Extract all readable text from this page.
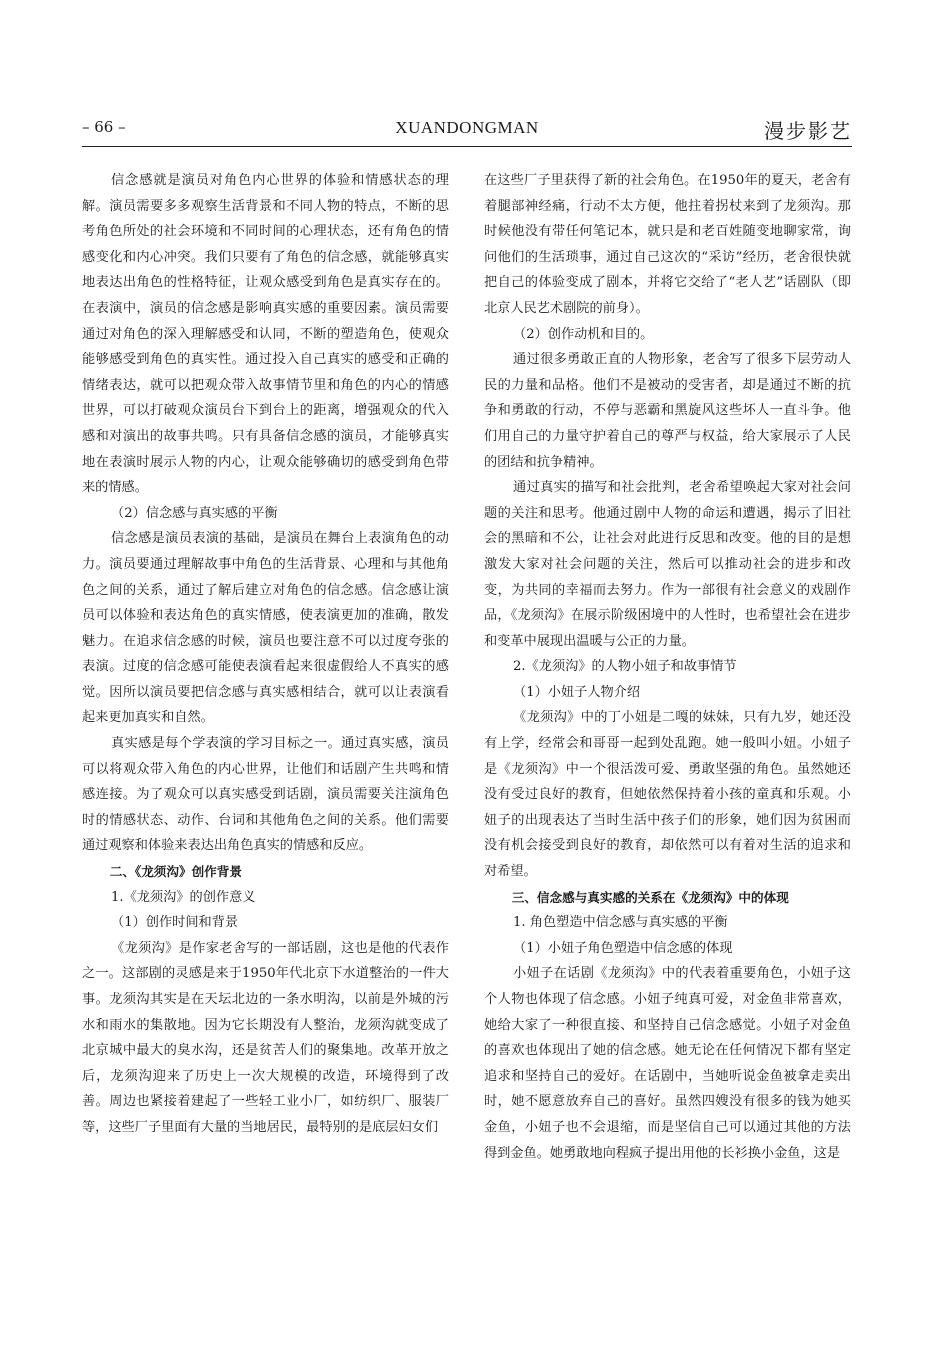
– 66 –	XUANDONGMAN	漫步影艺

信念感就是演员对角色内心世界的体验和情感状态的理解。演员需要多多观察生活背景和不同人物的特点，不断的思考角色所处的社会环境和不同时间的心理状态，还有角色的情感变化和内心冲突。我们只要有了角色的信念感，就能够真实地表达出角色的性格特征，让观众感受到角色是真实存在的。在表演中，演员的信念感是影响真实感的重要因素。演员需要通过对角色的深入理解感受和认同，不断的塑造角色，使观众能够感受到角色的真实性。通过投入自己真实的感受和正确的情绪表达，就可以把观众带入故事情节里和角色的内心的情感世界，可以打破观众演员台下到台上的距离，增强观众的代入感和对演出的故事共鸣。只有具备信念感的演员，才能够真实地在表演时展示人物的内心，让观众能够确切的感受到角色带来的情感。

（2）信念感与真实感的平衡

信念感是演员表演的基础，是演员在舞台上表演角色的动力。演员要通过理解故事中角色的生活背景、心理和与其他角色之间的关系，通过了解后建立对角色的信念感。信念感让演员可以体验和表达角色的真实情感，使表演更加的准确，散发魅力。在追求信念感的时候，演员也要注意不可以过度夸张的表演。过度的信念感可能使表演看起来很虚假给人不真实的感觉。因所以演员要把信念感与真实感相结合，就可以让表演看起来更加真实和自然。

真实感是每个学表演的学习目标之一。通过真实感，演员可以将观众带入角色的内心世界，让他们和话剧产生共鸣和情感连接。为了观众可以真实感受到话剧，演员需要关注演角色时的情感状态、动作、台词和其他角色之间的关系。他们需要通过观察和体验来表达出角色真实的情感和反应。

二、《龙须沟》创作背景

1.《龙须沟》的创作意义

（1）创作时间和背景

《龙须沟》是作家老舍写的一部话剧，这也是他的代表作之一。这部剧的灵感是来于1950年代北京下水道整治的一件大事。龙须沟其实是在天坛北边的一条水明沟，以前是外城的污水和雨水的集散地。因为它长期没有人整治，龙须沟就变成了北京城中最大的臭水沟，还是贫苦人们的聚集地。改革开放之后，龙须沟迎来了历史上一次大规模的改造，环境得到了改善。周边也紧接着建起了一些轻工业小厂，如纺织厂、服装厂等，这些厂子里面有大量的当地居民，最特别的是底层妇女们

在这些厂子里获得了新的社会角色。在1950年的夏天，老舍有着腿部神经痛，行动不太方便，他拄着拐杖来到了龙须沟。那时候他没有带任何笔记本，就只是和老百姓随变地聊家常，询问他们的生活琐事，通过自己这次的“采访”经历，老舍很快就把自己的体验变成了剧本，并将它交给了“老人艺”话剧队（即北京人民艺术剧院的前身）。

（2）创作动机和目的。

通过很多勇敢正直的人物形象，老舍写了很多下层劳动人民的力量和品格。他们不是被动的受害者，却是通过不断的抗争和勇敢的行动，不停与恶霸和黑旋风这些坏人一直斗争。他们用自己的力量守护着自己的尊严与权益，给大家展示了人民的团结和抗争精神。

通过真实的描写和社会批判，老舍希望唤起大家对社会问题的关注和思考。他通过剧中人物的命运和遭遇，揭示了旧社会的黑暗和不公，让社会对此进行反思和改变。他的目的是想激发大家对社会问题的关注，然后可以推动社会的进步和改变，为共同的幸福而去努力。作为一部很有社会意义的戏剧作品，《龙须沟》在展示阶级困境中的人性时，也希望社会在进步和变革中展现出温暖与公正的力量。

2.《龙须沟》的人物小妞子和故事情节

（1）小妞子人物介绍

《龙须沟》中的丁小妞是二嘎的妹妹，只有九岁，她还没有上学，经常会和哥哥一起到处乱跑。她一般叫小妞。小妞子是《龙须沟》中一个很活泼可爱、勇敢坚强的角色。虽然她还没有受过良好的教育，但她依然保持着小孩的童真和乐观。小妞子的出现表达了当时生活中孩子们的形象，她们因为贫困而没有机会接受到良好的教育，却依然可以有着对生活的追求和对希望。

三、信念感与真实感的关系在《龙须沟》中的体现

1. 角色塑造中信念感与真实感的平衡

（1）小妞子角色塑造中信念感的体现

小妞子在话剧《龙须沟》中的代表着重要角色，小妞子这个人物也体现了信念感。小妞子纯真可爱，对金鱼非常喜欢，她给大家了一种很直接、和坚持自己信念感觉。小妞子对金鱼的喜欢也体现出了她的信念感。她无论在任何情况下都有坚定追求和坚持自己的爱好。在话剧中，当她听说金鱼被拿走卖出时，她不愿意放弃自己的喜好。虽然四嫂没有很多的钱为她买金鱼，小妞子也不会退缩，而是坚信自己可以通过其他的方法得到金鱼。她勇敢地向程疯子提出用他的长衫换小金鱼，这是
